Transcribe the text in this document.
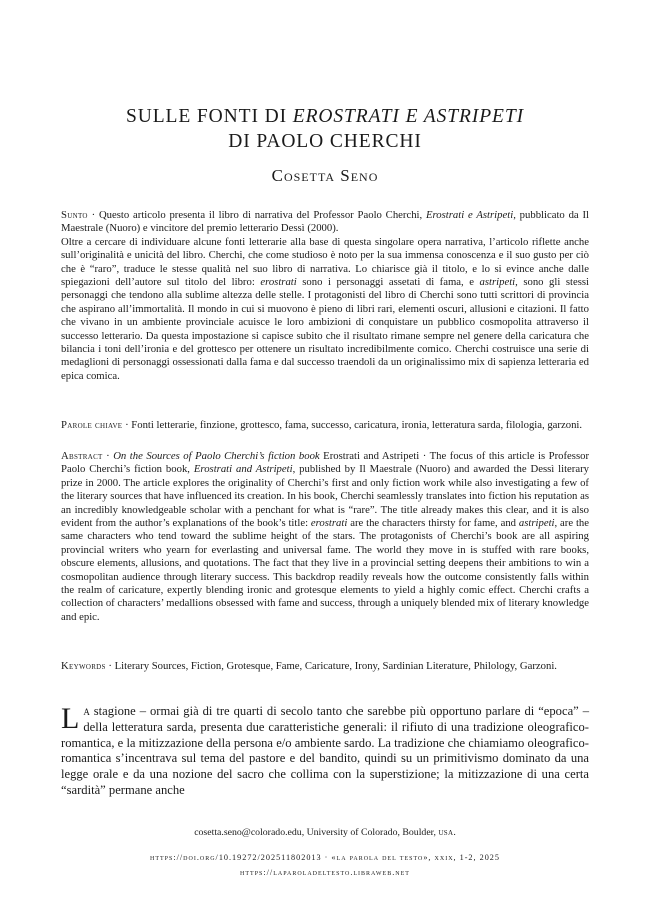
SULLE FONTI DI EROSTRATI E ASTRIPETI
DI PAOLO CHERCHI
Cosetta Seno

Sunto · Questo articolo presenta il libro di narrativa del Professor Paolo Cherchi, Erostrati e Astripeti, pubblicato da Il Maestrale (Nuoro) e vincitore del premio letterario Dessì (2000).

Oltre a cercare di individuare alcune fonti letterarie alla base di questa singolare opera narrativa, l’articolo riflette anche sull’originalità e unicità del libro. Cherchi, che come studioso è noto per la sua immensa conoscenza e il suo gusto per ciò che è “raro”, traduce le stesse qualità nel suo libro di narrativa. Lo chiarisce già il titolo, e lo si evince anche dalle spiegazioni dell’autore sul titolo del libro: erostrati sono i personaggi assetati di fama, e astripeti, sono gli stessi personaggi che tendono alla sublime altezza delle stelle. I protagonisti del libro di Cherchi sono tutti scrittori di provincia che aspirano all’immortalità. Il mondo in cui si muovono è pieno di libri rari, elementi oscuri, allusioni e citazioni. Il fatto che vivano in un ambiente provinciale acuisce le loro ambizioni di conquistare un pubblico cosmopolita attraverso il successo letterario. Da questa impostazione si capisce subito che il risultato rimane sempre nel genere della caricatura che bilancia i toni dell’ironia e del grottesco per ottenere un risultato incredibilmente comico. Cherchi costruisce una serie di medaglioni di personaggi ossessionati dalla fama e dal successo traendoli da un originalissimo mix di sapienza letteraria ed epica comica.

Parole chiave · Fonti letterarie, finzione, grottesco, fama, successo, caricatura, ironia, letteratura sarda, filologia, garzoni.

Abstract · On the Sources of Paolo Cherchi’s fiction book Erostrati and Astripeti · The focus of this article is Professor Paolo Cherchi’s fiction book, Erostrati and Astripeti, published by Il Maestrale (Nuoro) and awarded the Dessì literary prize in 2000. The article explores the originality of Cherchi’s first and only fiction work while also investigating a few of the literary sources that have influenced its creation. In his book, Cherchi seamlessly translates into fiction his reputation as an incredibly knowledgeable scholar with a penchant for what is “rare”. The title already makes this clear, and it is also evident from the author’s explanations of the book’s title: erostrati are the characters thirsty for fame, and astripeti, are the same characters who tend toward the sublime height of the stars. The protagonists of Cherchi’s book are all aspiring provincial writers who yearn for everlasting and universal fame. The world they move in is stuffed with rare books, obscure elements, allusions, and quotations. The fact that they live in a provincial setting deepens their ambitions to win a cosmopolitan audience through literary success. This backdrop readily reveals how the outcome consistently falls within the realm of caricature, expertly blending ironic and grotesque elements to yield a highly comic effect. Cherchi crafts a collection of characters’ medallions obsessed with fame and success, through a uniquely blended mix of literary knowledge and epic.

Keywords · Literary Sources, Fiction, Grotesque, Fame, Caricature, Irony, Sardinian Literature, Philology, Garzoni.

La stagione – ormai già di tre quarti di secolo tanto che sarebbe più opportuno parlare di “epoca” – della letteratura sarda, presenta due caratteristiche generali: il rifiuto di una tradizione oleografico-romantica, e la mitizzazione della persona e/o ambiente sardo. La tradizione che chiamiamo oleografico-romantica s’incentrava sul tema del pastore e del bandito, quindi su un primitivismo dominato da una legge orale e da una nozione del sacro che collima con la superstizione; la mitizzazione di una certa “sardità” permane anche

cosetta.seno@colorado.edu, University of Colorado, Boulder, usa.
https://doi.org/10.19272/202511802013 · «la parola del testo», xxix, 1-2, 2025
https://laparoladeltesto.libraweb.net
